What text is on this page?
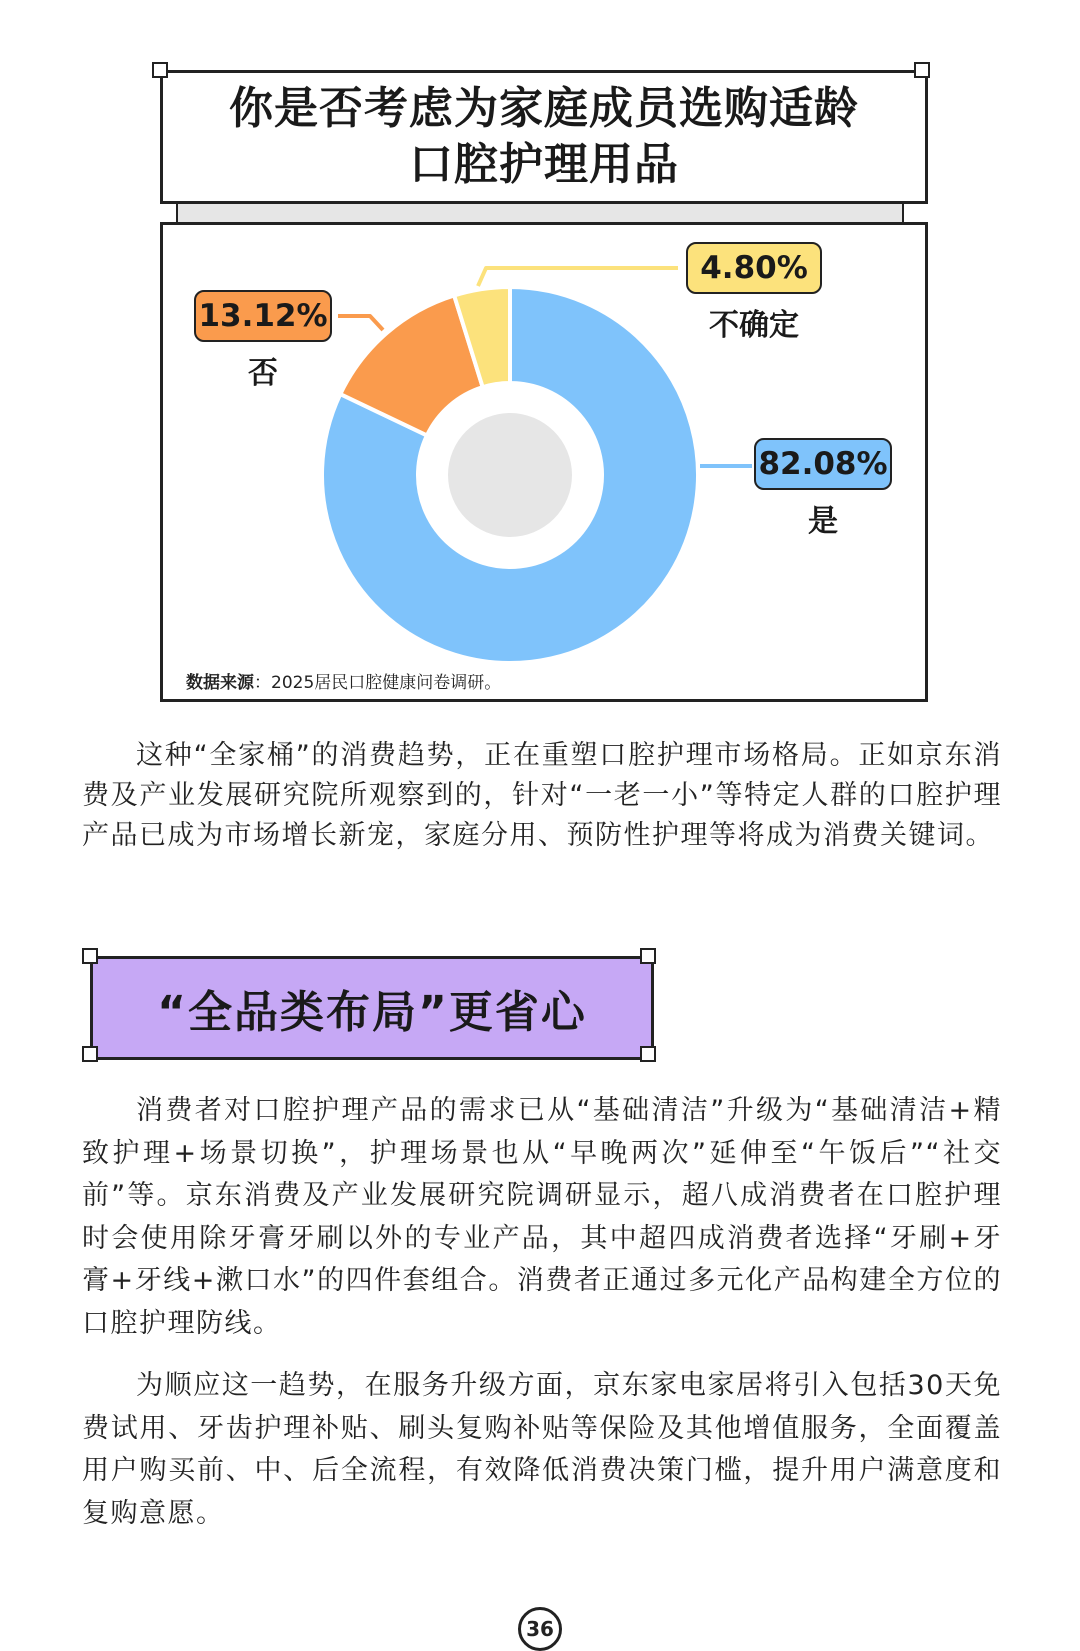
你是否考虑为家庭成员选购适龄
口腔护理用品
82.08%
是
13.12%
否
4.80%
不确定
数据来源：2025居民口腔健康问卷调研。
这种“全家桶”的消费趋势，正在重塑口腔护理市场格局。正如京东消费及产业发展研究院所观察到的，针对“一老一小”等特定人群的口腔护理产品已成为市场增长新宠，家庭分用、预防性护理等将成为消费关键词。
“全品类布局”更省心
消费者对口腔护理产品的需求已从“基础清洁”升级为“基础清洁+精致护理+场景切换”，护理场景也从“早晚两次”延伸至“午饭后”“社交前”等。京东消费及产业发展研究院调研显示，超八成消费者在口腔护理时会使用除牙膏牙刷以外的专业产品，其中超四成消费者选择“牙刷+牙膏+牙线+漱口水”的四件套组合。消费者正通过多元化产品构建全方位的口腔护理防线。
为顺应这一趋势，在服务升级方面，京东家电家居将引入包括30天免费试用、牙齿护理补贴、刷头复购补贴等保险及其他增值服务，全面覆盖用户购买前、中、后全流程，有效降低消费决策门槛，提升用户满意度和复购意愿。
36
